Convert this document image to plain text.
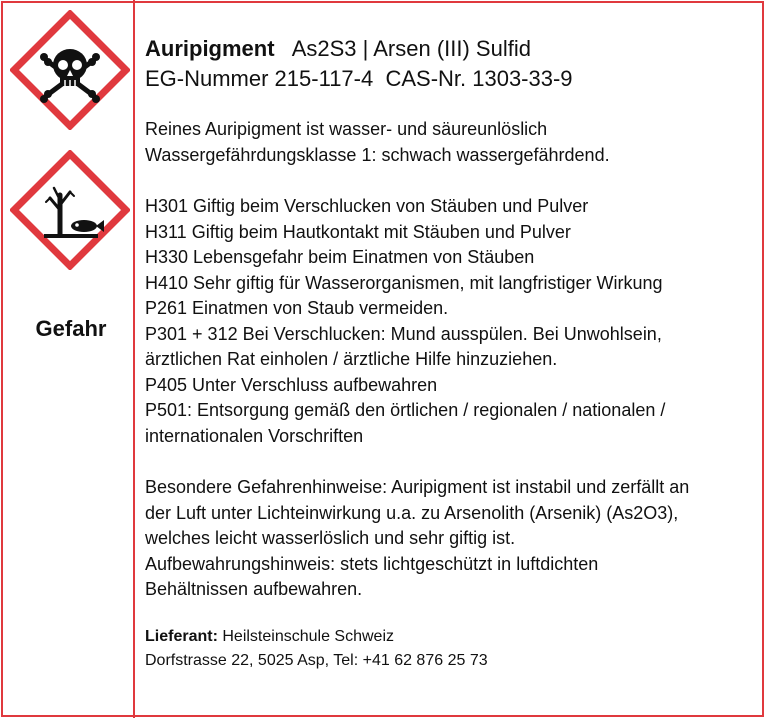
Gefahr
Auripigment As2S3 | Arsen (III) Sulfid
EG-Nummer 215-117-4  CAS-Nr. 1303-33-9

Reines Auripigment ist wasser- und säureunlöslich

Wassergefährdungsklasse 1: schwach wassergefährdend.

H301 Giftig beim Verschlucken von Stäuben und Pulver

H311 Giftig beim Hautkontakt mit Stäuben und Pulver

H330 Lebensgefahr beim Einatmen von Stäuben

H410 Sehr giftig für Wasserorganismen, mit langfristiger Wirkung

P261 Einatmen von Staub vermeiden.

P301 + 312 Bei Verschlucken: Mund ausspülen. Bei Unwohlsein,

ärztlichen Rat einholen / ärztliche Hilfe hinzuziehen.

P405 Unter Verschluss aufbewahren

P501: Entsorgung gemäß den örtlichen / regionalen / nationalen /

internationalen Vorschriften

Besondere Gefahrenhinweise: Auripigment ist instabil und zerfällt an

der Luft unter Lichteinwirkung u.a. zu Arsenolith (Arsenik) (As2O3),

welches leicht wasserlöslich und sehr giftig ist.

Aufbewahrungshinweis: stets lichtgeschützt in luftdichten

Behältnissen aufbewahren.

Lieferant: Heilsteinschule Schweiz
Dorfstrasse 22, 5025 Asp, Tel: +41 62 876 25 73
